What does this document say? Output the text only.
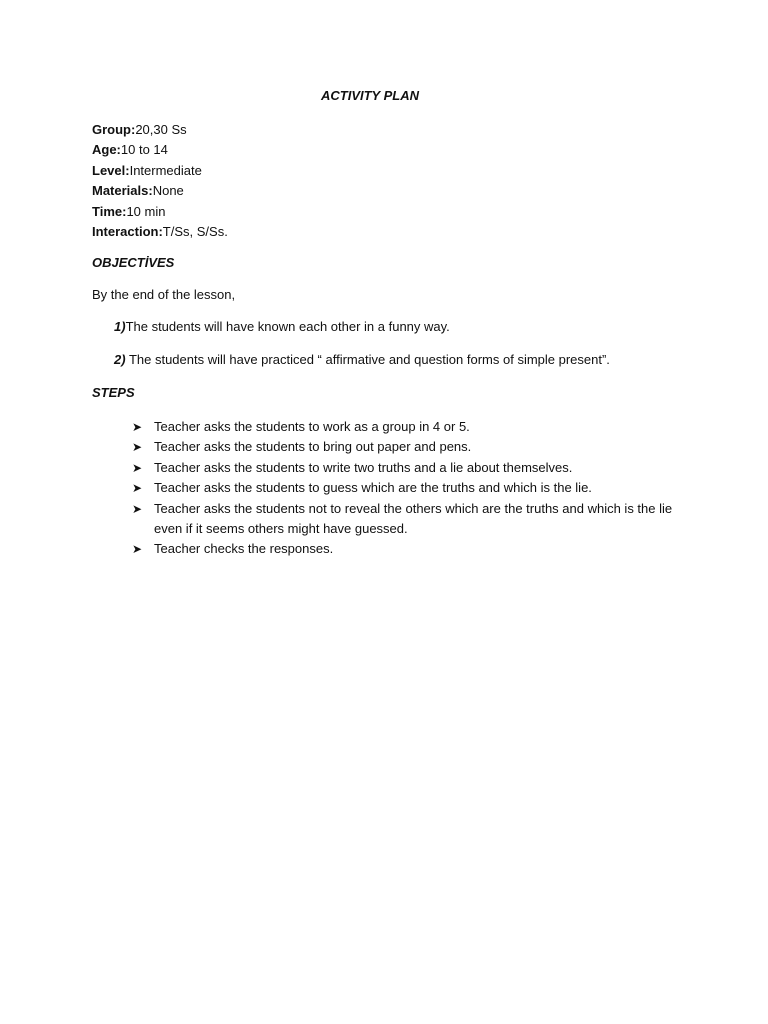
ACTIVITY PLAN
Group:20,30 Ss
Age:10 to 14
Level:Intermediate
Materials:None
Time:10 min
Interaction:T/Ss, S/Ss.
OBJECTİVES
By the end of the lesson,
1)The students will have known each other in a funny way.
2) The students will have practiced “ affirmative and question forms of simple present”.
STEPS
➤ Teacher asks the students to work as a group in 4 or 5.
➤ Teacher asks the students to bring out paper and pens.
➤ Teacher asks the students to write two truths and a lie about themselves.
➤ Teacher asks the students to guess which are the truths and which is the lie.
➤ Teacher asks the students not to reveal the others which are the truths and which is the lie even if it seems others might have guessed.
➤ Teacher checks the responses.
